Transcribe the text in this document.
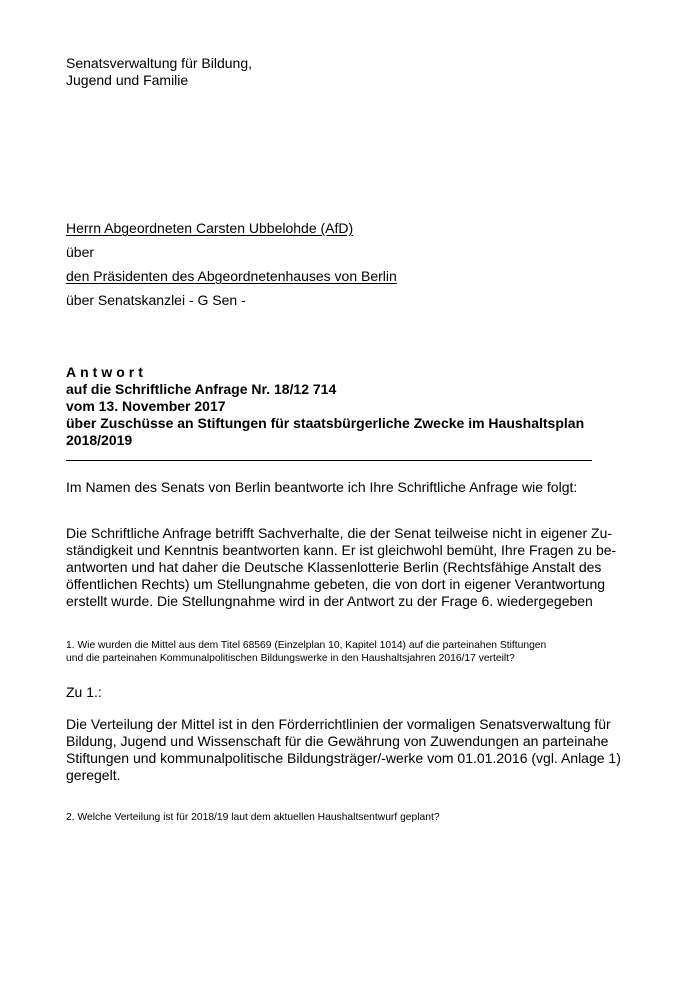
Senatsverwaltung für Bildung,
Jugend und Familie
Herrn Abgeordneten Carsten Ubbelohde (AfD)
über
den Präsidenten des Abgeordnetenhauses von Berlin
über Senatskanzlei - G Sen -
Antwort
auf die Schriftliche Anfrage Nr. 18/12 714
vom 13. November 2017
über Zuschüsse an Stiftungen für staatsbürgerliche Zwecke im Haushaltsplan
2018/2019
Im Namen des Senats von Berlin beantworte ich Ihre Schriftliche Anfrage wie folgt:
Die Schriftliche Anfrage betrifft Sachverhalte, die der Senat teilweise nicht in eigener Zu-
ständigkeit und Kenntnis beantworten kann. Er ist gleichwohl bemüht, Ihre Fragen zu be-
antworten und hat daher die Deutsche Klassenlotterie Berlin (Rechtsfähige Anstalt des
öffentlichen Rechts) um Stellungnahme gebeten, die von dort in eigener Verantwortung
erstellt wurde. Die Stellungnahme wird in der Antwort zu der Frage 6. wiedergegeben
1. Wie wurden die Mittel aus dem Titel 68569 (Einzelplan 10, Kapitel 1014) auf die parteinahen Stiftungen
und die parteinahen Kommunalpolitischen Bildungswerke in den Haushaltsjahren 2016/17 verteilt?
Zu 1.:
Die Verteilung der Mittel ist in den Förderrichtlinien der vormaligen Senatsverwaltung für
Bildung, Jugend und Wissenschaft für die Gewährung von Zuwendungen an parteinahe
Stiftungen und kommunalpolitische Bildungsträger/-werke vom 01.01.2016 (vgl. Anlage 1)
geregelt.
2. Welche Verteilung ist für 2018/19 laut dem aktuellen Haushaltsentwurf geplant?
